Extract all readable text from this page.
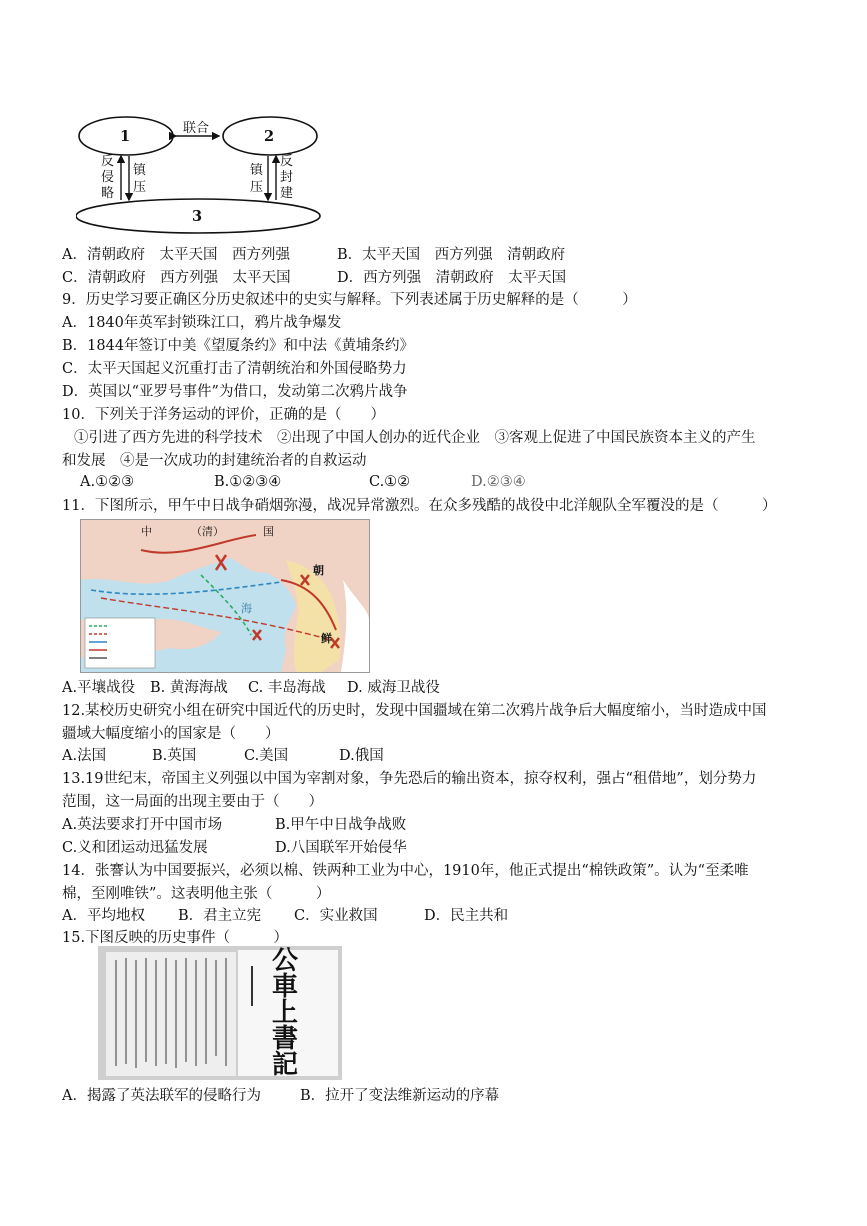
1	2
3
联合
反侵略
镇压
镇压
反封建
A．清朝政府　太平天国　西方列强	B．太平天国　西方列强　清朝政府
C．清朝政府　西方列强　太平天国	D．西方列强　清朝政府　太平天国
9．历史学习要正确区分历史叙述中的史实与解释。下列表述属于历史解释的是（　　　）
A．1840年英军封锁珠江口，鸦片战争爆发
B．1844年签订中美《望厦条约》和中法《黄埔条约》
C．太平天国起义沉重打击了清朝统治和外国侵略势力
D．英国以“亚罗号事件”为借口，发动第二次鸦片战争
10．下列关于洋务运动的评价，正确的是（　　）
①引进了西方先进的科学技术　②出现了中国人创办的近代企业　③客观上促进了中国民族资本主义的产生
和发展　④是一次成功的封建统治者的自救运动
A.①②③	B.①②③④	C.①②	D.②③④
11．下图所示，甲午中日战争硝烟弥漫，战况异常激烈。在众多残酷的战役中北洋舰队全军覆没的是（　　　）
中	（清）	国
朝
鲜
海
A.平壤战役 B. 黄海海战 C. 丰岛海战 D. 威海卫战役
12.某校历史研究小组在研究中国近代的历史时，发现中国疆域在第二次鸦片战争后大幅度缩小，当时造成中国
疆域大幅度缩小的国家是（　　）
A.法国	B.英国	C.美国	D.俄国
13.19世纪末，帝国主义列强以中国为宰割对象，争先恐后的输出资本，掠夺权利，强占“租借地”，划分势力
范围，这一局面的出现主要由于（　　）
A.英法要求打开中国市场	B.甲午中日战争战败
C.义和团运动迅猛发展	D.八国联军开始侵华
14．张謇认为中国要振兴，必须以棉、铁两种工业为中心，1910年，他正式提出“棉铁政策”。认为“至柔唯
棉，至刚唯铁”。这表明他主张（　　　）
A．平均地权 B．君主立宪 C．实业救国	D．民主共和
15.下图反映的历史事件（　　　）
公
車
上
書
記
A．揭露了英法联军的侵略行为	B．拉开了变法维新运动的序幕
